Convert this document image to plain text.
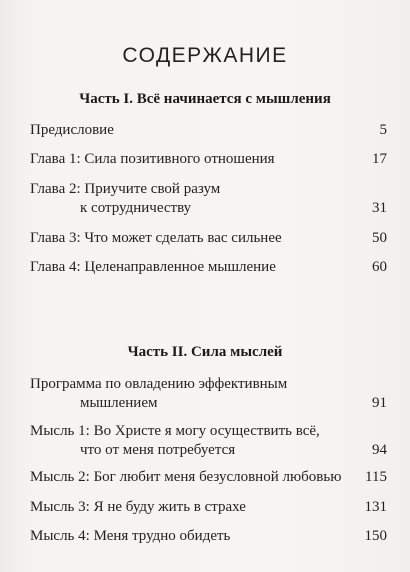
СОДЕРЖАНИЕ
Часть I. Всё начинается с мышления
Предисловие	5
Глава 1: Сила позитивного отношения	17
Глава 2: Приучите свой разум
к сотрудничеству	31
Глава 3: Что может сделать вас сильнее	50
Глава 4: Целенаправленное мышление	60
Часть II. Сила мыслей
Программа по овладению эффективным
мышлением	91
Мысль 1: Во Христе я могу осуществить всё,
что от меня потребуется	94
Мысль 2: Бог любит меня безусловной любовью	115
Мысль 3: Я не буду жить в страхе	131
Мысль 4: Меня трудно обидеть	150
